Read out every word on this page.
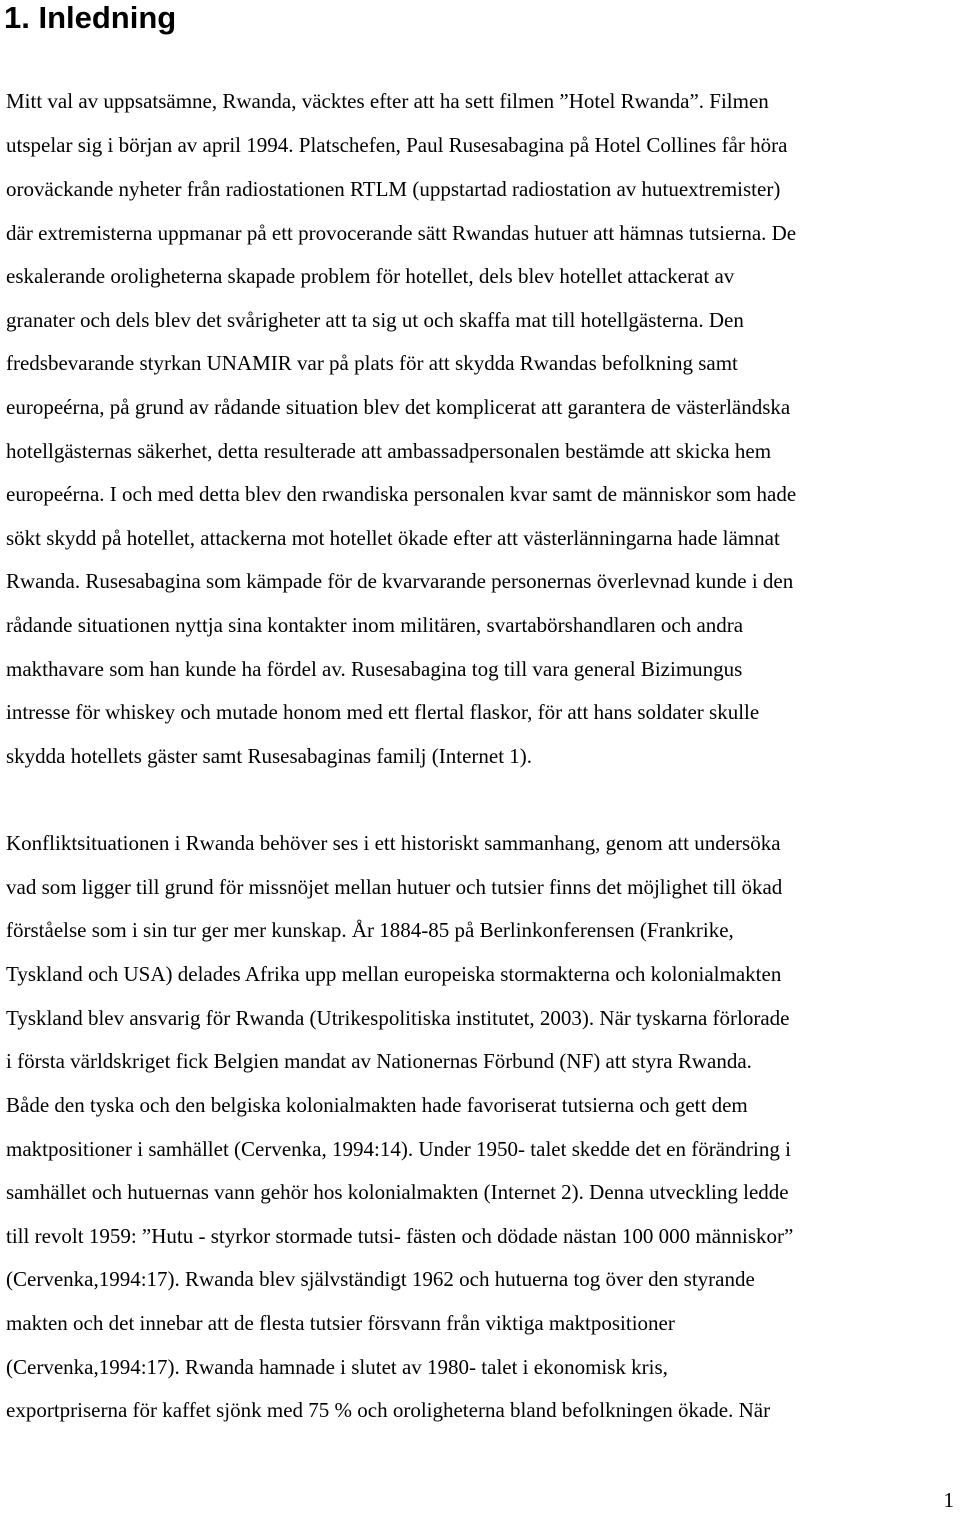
1. Inledning

Mitt val av uppsatsämne, Rwanda, väcktes efter att ha sett filmen ”Hotel Rwanda”. Filmen

utspelar sig i början av april 1994. Platschefen, Paul Rusesabagina på Hotel Collines får höra

oroväckande nyheter från radiostationen RTLM (uppstartad radiostation av hutuextremister)

där extremisterna uppmanar på ett provocerande sätt Rwandas hutuer att hämnas tutsierna. De

eskalerande oroligheterna skapade problem för hotellet, dels blev hotellet attackerat av

granater och dels blev det svårigheter att ta sig ut och skaffa mat till hotellgästerna. Den

fredsbevarande styrkan UNAMIR var på plats för att skydda Rwandas befolkning samt

europeérna, på grund av rådande situation blev det komplicerat att garantera de västerländska

hotellgästernas säkerhet, detta resulterade att ambassadpersonalen bestämde att skicka hem

europeérna. I och med detta blev den rwandiska personalen kvar samt de människor som hade

sökt skydd på hotellet, attackerna mot hotellet ökade efter att västerlänningarna hade lämnat

Rwanda. Rusesabagina som kämpade för de kvarvarande personernas överlevnad kunde i den

rådande situationen nyttja sina kontakter inom militären, svartabörshandlaren och andra

makthavare som han kunde ha fördel av. Rusesabagina tog till vara general Bizimungus

intresse för whiskey och mutade honom med ett flertal flaskor, för att hans soldater skulle

skydda hotellets gäster samt Rusesabaginas familj (Internet 1).

Konfliktsituationen i Rwanda behöver ses i ett historiskt sammanhang, genom att undersöka

vad som ligger till grund för missnöjet mellan hutuer och tutsier finns det möjlighet till ökad

förståelse som i sin tur ger mer kunskap. År 1884-85 på Berlinkonferensen (Frankrike,

Tyskland och USA) delades Afrika upp mellan europeiska stormakterna och kolonialmakten

Tyskland blev ansvarig för Rwanda (Utrikespolitiska institutet, 2003). När tyskarna förlorade

i första världskriget fick Belgien mandat av Nationernas Förbund (NF) att styra Rwanda.

Både den tyska och den belgiska kolonialmakten hade favoriserat tutsierna och gett dem

maktpositioner i samhället (Cervenka, 1994:14). Under 1950- talet skedde det en förändring i

samhället och hutuernas vann gehör hos kolonialmakten (Internet 2). Denna utveckling ledde

till revolt 1959: ”Hutu - styrkor stormade tutsi- fästen och dödade nästan 100 000 människor”

(Cervenka,1994:17). Rwanda blev självständigt 1962 och hutuerna tog över den styrande

makten och det innebar att de flesta tutsier försvann från viktiga maktpositioner

(Cervenka,1994:17). Rwanda hamnade i slutet av 1980- talet i ekonomisk kris,

exportpriserna för kaffet sjönk med 75 % och oroligheterna bland befolkningen ökade. När

1
